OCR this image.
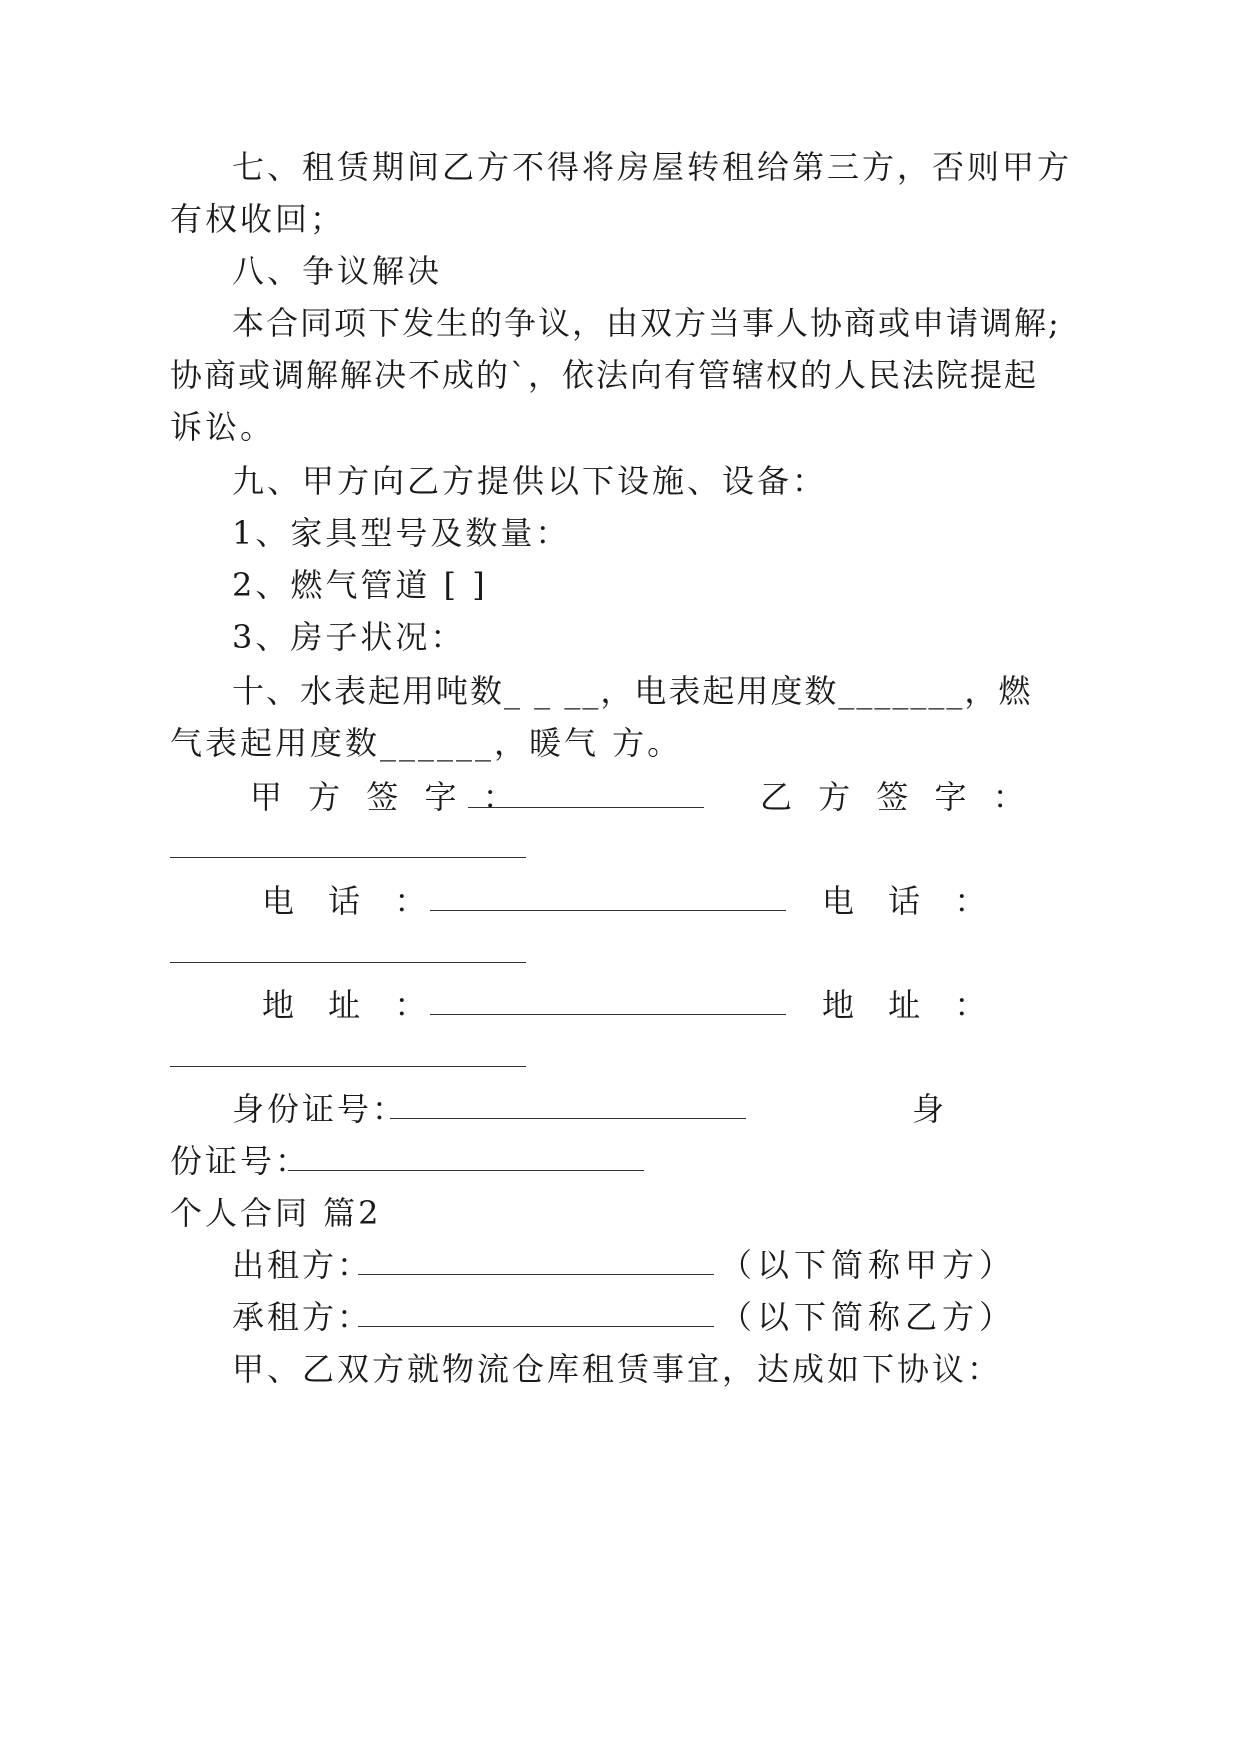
七、租赁期间乙方不得将房屋转租给第三方，否则甲方
有权收回；
八、争议解决
本合同项下发生的争议，由双方当事人协商或申请调解;
协商或调解解决不成的`，依法向有管辖权的人民法院提起
诉讼。
九、甲方向乙方提供以下设施、设备：
1、家具型号及数量：
2、燃气管道 [ ]
3、房子状况：
十、水表起用吨数_ _ __，电表起用度数_______，燃
气表起用度数______，暖气 方。
甲 方 签 字 ：	乙 方 签 字 ：
电 话 ：	电 话 ：
地 址 ：	地 址 ：
身份证号：	身
份证号：
个人合同 篇2
出租方：	（以下简称甲方）
承租方：	（以下简称乙方）
甲、乙双方就物流仓库租赁事宜，达成如下协议：
